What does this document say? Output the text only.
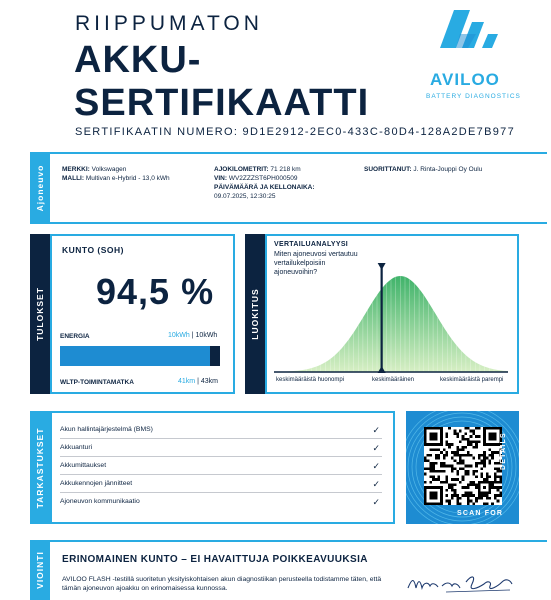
RIIPPUMATON
AKKU-
SERTIFIKAATTI
SERTIFIKAATIN NUMERO: 9D1E2912-2EC0-433C-80D4-128A2DE7B977
AVILOO
BATTERY DIAGNOSTICS
Ajoneuvo	MERKKI: Volkswagen
MALLI: Multivan e-Hybrid - 13,0 kWh
AJOKILOMETRIT: 71 218 km
VIN: WV2ZZZST6PH000509
PÄIVÄMÄÄRÄ JA KELLONAIKA:
09.07.2025, 12:30:25
SUORITTANUT: J. Rinta-Jouppi Oy Oulu
TULOKSET
KUNTO (SOH)
94,5 %
ENERGIA	10kWh | 10kWh
WLTP-TOIMINTAMATKA	41km | 43km
LUOKITUS
VERTAILUANALYYSI
Miten ajoneuvosi vertautuu vertailukelpoisiin ajoneuvoihin?
keskimääräistä huonompi	keskimääräinen	keskimääräistä parempi
TARKASTUKSET Akun hallintajärjestelmä (BMS)	✓
Akkuanturi	✓
Akkumittaukset	✓
Akkukennojen jännitteet	✓
Ajoneuvon kommunikaatio	✓
SCAN FOR
DETAILS
VIOINTI ERINOMAINEN KUNTO – EI HAVAITTUJA POIKKEAVUUKSIA
AVILOO FLASH -testillä suoritetun yksityiskohtaisen akun diagnostiikan perusteella todistamme täten, että tämän ajoneuvon ajoakku on erinomaisessa kunnossa.
